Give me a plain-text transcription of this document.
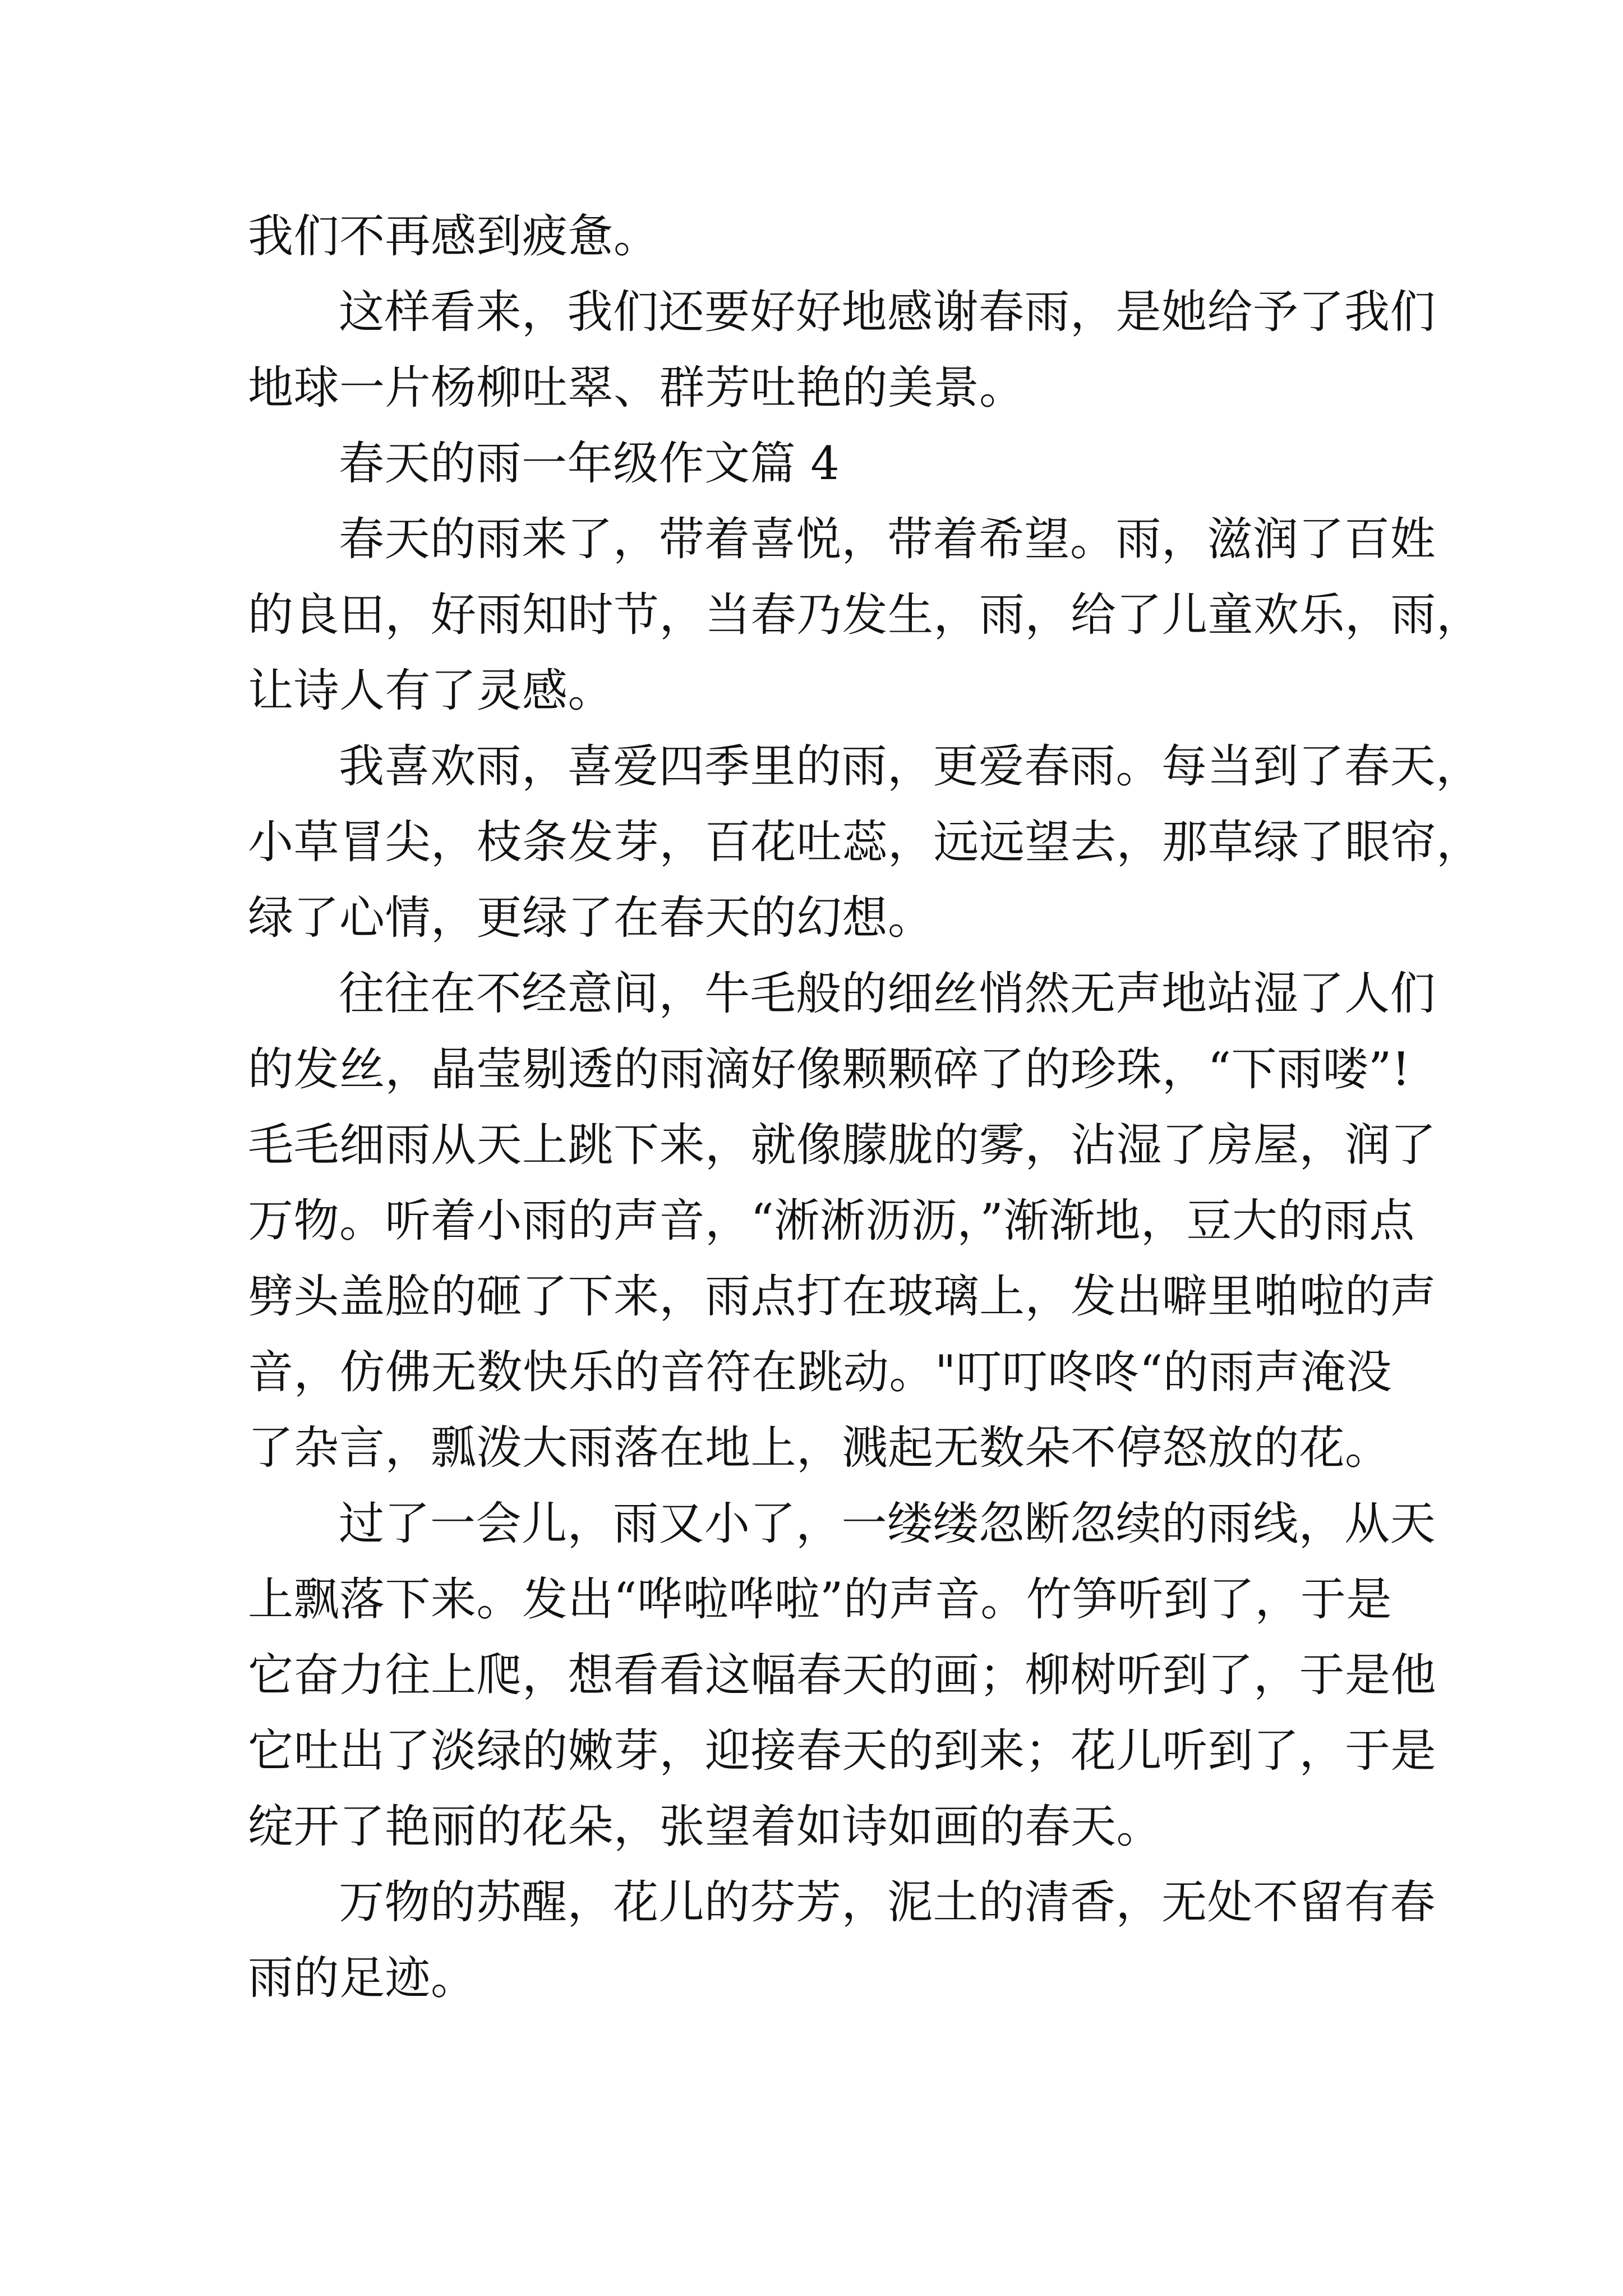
我们不再感到疲惫。
这样看来，我们还要好好地感谢春雨，是她给予了我们
地球一片杨柳吐翠、群芳吐艳的美景。
春天的雨一年级作文篇 4
春天的雨来了，带着喜悦，带着希望。雨，滋润了百姓
的良田，好雨知时节，当春乃发生，雨，给了儿童欢乐，雨，
让诗人有了灵感。
我喜欢雨，喜爱四季里的雨，更爱春雨。每当到了春天，
小草冒尖，枝条发芽，百花吐蕊，远远望去，那草绿了眼帘，
绿了心情，更绿了在春天的幻想。
往往在不经意间，牛毛般的细丝悄然无声地站湿了人们
的发丝，晶莹剔透的雨滴好像颗颗碎了的珍珠，“下雨喽”!
毛毛细雨从天上跳下来，就像朦胧的雾，沾湿了房屋，润了
万物。听着小雨的声音，“淅淅沥沥，”渐渐地，豆大的雨点
劈头盖脸的砸了下来，雨点打在玻璃上，发出噼里啪啦的声
音，仿佛无数快乐的音符在跳动。"叮叮咚咚“的雨声淹没
了杂言，瓢泼大雨落在地上，溅起无数朵不停怒放的花。
过了一会儿，雨又小了，一缕缕忽断忽续的雨线，从天
上飘落下来。发出“哗啦哗啦”的声音。竹笋听到了，于是
它奋力往上爬，想看看这幅春天的画；柳树听到了，于是他
它吐出了淡绿的嫩芽，迎接春天的到来；花儿听到了，于是
绽开了艳丽的花朵，张望着如诗如画的春天。
万物的苏醒，花儿的芬芳，泥土的清香，无处不留有春
雨的足迹。
